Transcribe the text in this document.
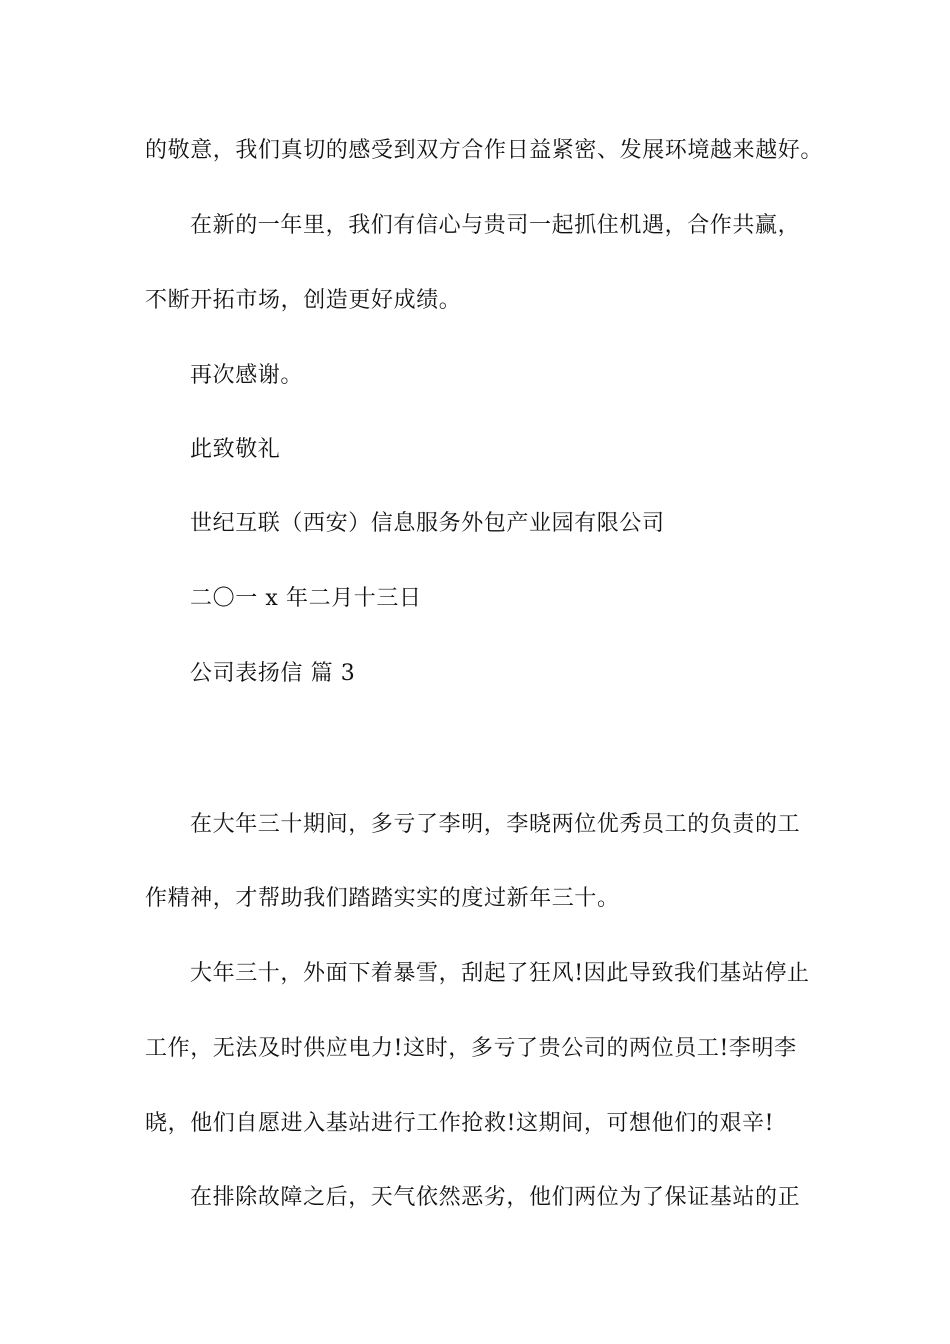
的敬意，我们真切的感受到双方合作日益紧密、发展环境越来越好。
在新的一年里，我们有信心与贵司一起抓住机遇，合作共赢，
不断开拓市场，创造更好成绩。
再次感谢。
此致敬礼
世纪互联（西安）信息服务外包产业园有限公司
二〇一 x 年二月十三日
公司表扬信 篇 3
在大年三十期间，多亏了李明，李晓两位优秀员工的负责的工
作精神，才帮助我们踏踏实实的度过新年三十。
大年三十，外面下着暴雪，刮起了狂风!因此导致我们基站停止
工作，无法及时供应电力!这时，多亏了贵公司的两位员工!李明李
晓，他们自愿进入基站进行工作抢救!这期间，可想他们的艰辛!
在排除故障之后，天气依然恶劣，他们两位为了保证基站的正
